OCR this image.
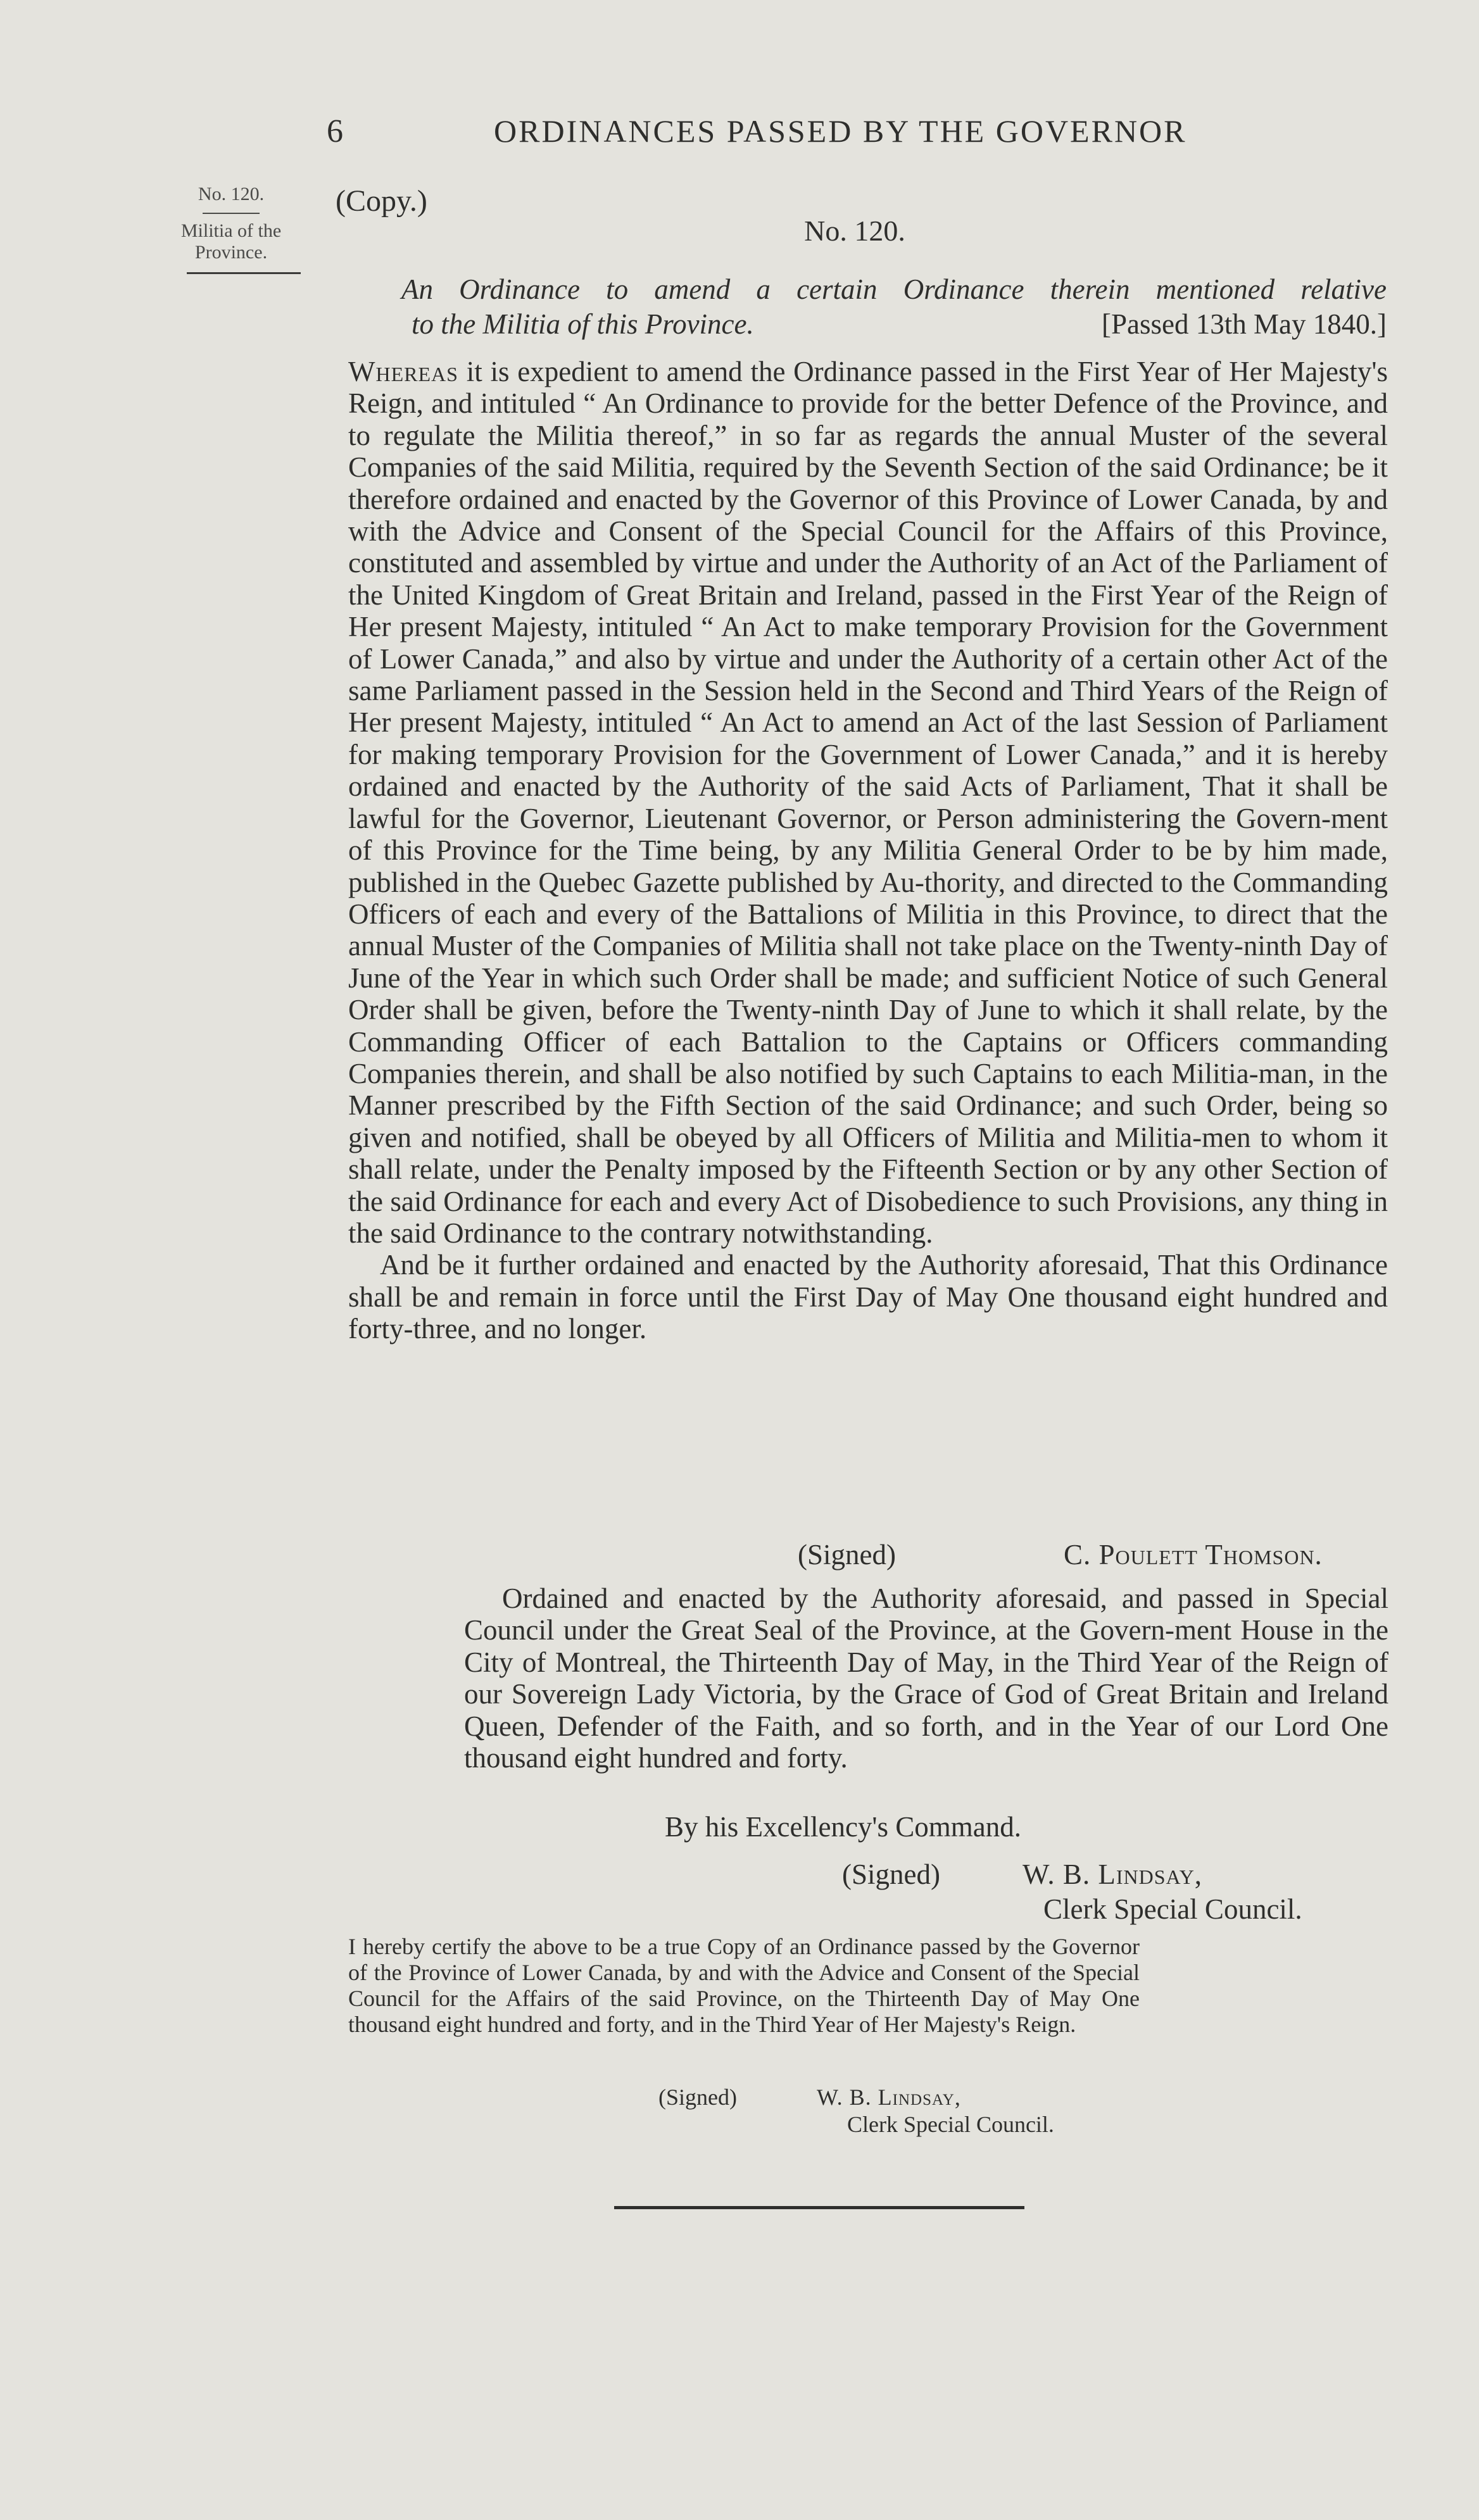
6	ORDINANCES PASSED BY THE GOVERNOR
No. 120.
Militia of the
Province.
(Copy.)
No. 120.
An Ordinance to amend a certain Ordinance therein mentioned relative
to the Militia of this Province.	[Passed 13th May 1840.]

Whereas it is expedient to amend the Ordinance passed in the First Year of Her Majesty's Reign, and intituled “ An Ordinance to provide for the better Defence of the Province, and to regulate the Militia thereof,” in so far as regards the annual Muster of the several Companies of the said Militia, required by the Seventh Section of the said Ordinance; be it therefore ordained and enacted by the Governor of this Province of Lower Canada, by and with the Advice and Consent of the Special Council for the Affairs of this Province, constituted and assembled by virtue and under the Authority of an Act of the Parliament of the United Kingdom of Great Britain and Ireland, passed in the First Year of the Reign of Her present Majesty, intituled “ An Act to make temporary Provision for the Government of Lower Canada,” and also by virtue and under the Authority of a certain other Act of the same Parliament passed in the Session held in the Second and Third Years of the Reign of Her present Majesty, intituled “ An Act to amend an Act of the last Session of Parliament for making temporary Provision for the Government of Lower Canada,” and it is hereby ordained and enacted by the Authority of the said Acts of Parliament, That it shall be lawful for the Governor, Lieutenant Governor, or Person administering the Govern-ment of this Province for the Time being, by any Militia General Order to be by him made, published in the Quebec Gazette published by Au-thority, and directed to the Commanding Officers of each and every of the Battalions of Militia in this Province, to direct that the annual Muster of the Companies of Militia shall not take place on the Twenty-ninth Day of June of the Year in which such Order shall be made; and sufficient Notice of such General Order shall be given, before the Twenty-ninth Day of June to which it shall relate, by the Commanding Officer of each Battalion to the Captains or Officers commanding Companies therein, and shall be also notified by such Captains to each Militia-man, in the Manner prescribed by the Fifth Section of the said Ordinance; and such Order, being so given and notified, shall be obeyed by all Officers of Militia and Militia-men to whom it shall relate, under the Penalty imposed by the Fifteenth Section or by any other Section of the said Ordinance for each and every Act of Disobedience to such Provisions, any thing in the said Ordinance to the contrary notwithstanding.

And be it further ordained and enacted by the Authority aforesaid, That this Ordinance shall be and remain in force until the First Day of May One thousand eight hundred and forty-three, and no longer.

(Signed)	C. Poulett Thomson.
Ordained and enacted by the Authority aforesaid, and passed in Special Council under the Great Seal of the Province, at the Govern-ment House in the City of Montreal, the Thirteenth Day of May, in the Third Year of the Reign of our Sovereign Lady Victoria, by the Grace of God of Great Britain and Ireland Queen, Defender of the Faith, and so forth, and in the Year of our Lord One thousand eight hundred and forty.
By his Excellency's Command.
(Signed)	W. B. Lindsay,
Clerk Special Council.
I hereby certify the above to be a true Copy of an Ordinance passed by the Governor of the Province of Lower Canada, by and with the Advice and Consent of the Special Council for the Affairs of the said Province, on the Thirteenth Day of May One thousand eight hundred and forty, and in the Third Year of Her Majesty's Reign.
(Signed)	W. B. Lindsay,
Clerk Special Council.
